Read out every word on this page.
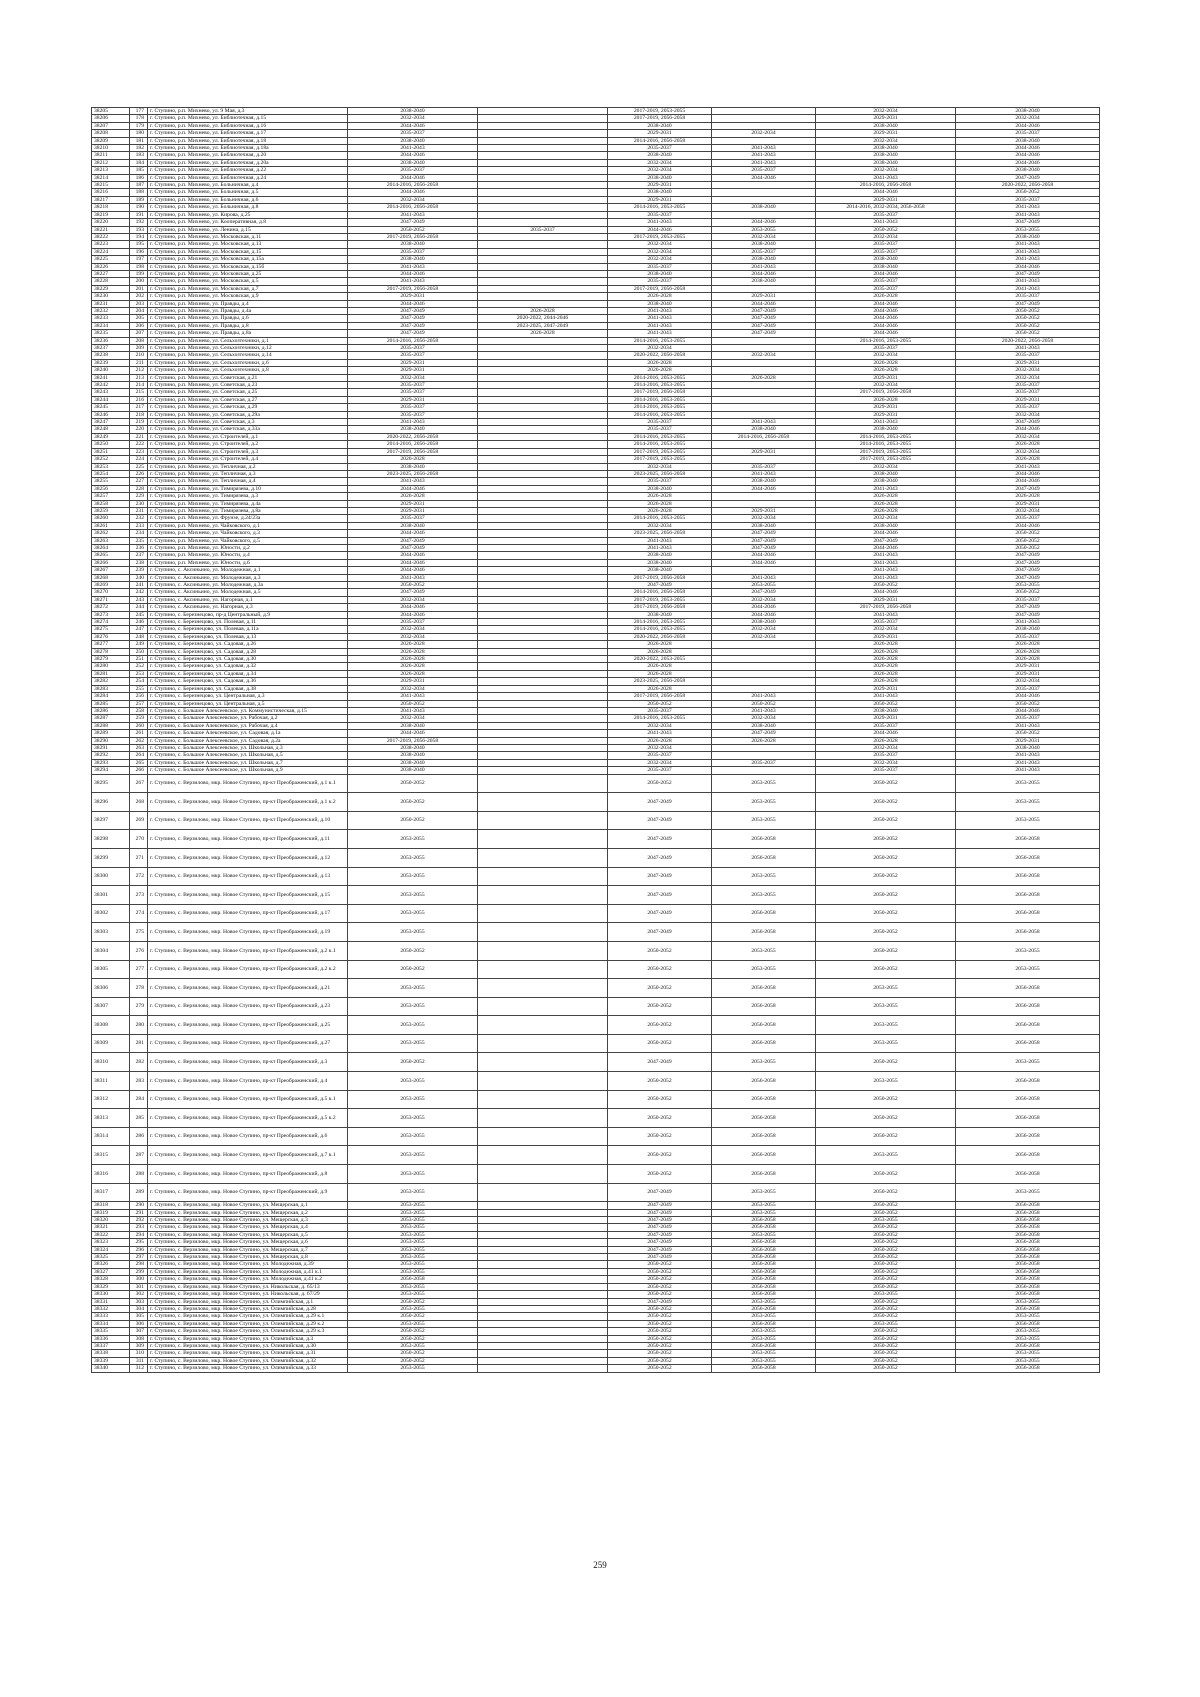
38205	177	г. Ступино, р.п. Михнево, ул. 9 Мая, д.3	2038-2040		2017-2019, 2053-2055		2032-2034	2038-2040
38206	178	г. Ступино, р.п. Михнево, ул. Библиотечная, д.15	2032-2034		2017-2019, 2056-2058		2029-2031	2032-2034
38207	179	г. Ступино, р.п. Михнево, ул. Библиотечная, д.16	2044-2046		2038-2040		2038-2040	2044-2046
38208	180	г. Ступино, р.п. Михнево, ул. Библиотечная, д.17	2035-2037		2029-2031	2032-2034	2029-2031	2035-2037
38209	181	г. Ступино, р.п. Михнево, ул. Библиотечная, д.18	2038-2040		2014-2016, 2056-2058		2032-2034	2038-2040
38210	182	г. Ступино, р.п. Михнево, ул. Библиотечная, д.18а	2041-2043		2035-2037	2041-2043	2038-2040	2044-2046
38211	183	г. Ступино, р.п. Михнево, ул. Библиотечная, д.20	2044-2046		2038-2040	2041-2043	2038-2040	2044-2046
38212	184	г. Ступино, р.п. Михнево, ул. Библиотечная, д.20а	2038-2040		2032-2034	2041-2043	2038-2040	2044-2046
38213	185	г. Ступино, р.п. Михнево, ул. Библиотечная, д.22	2035-2037		2032-2034	2035-2037	2032-2034	2038-2040
38214	186	г. Ступино, р.п. Михнево, ул. Библиотечная, д.24	2044-2046		2038-2040	2044-2046	2041-2043	2047-2049
38215	187	г. Ступино, р.п. Михнево, ул. Больничная, д.4	2014-2016, 2056-2058		2029-2031		2014-2016, 2056-2058	2020-2022, 2056-2058
38216	188	г. Ступино, р.п. Михнево, ул. Больничная, д.5	2044-2046		2038-2040		2044-2046	2050-2052
38217	189	г. Ступино, р.п. Михнево, ул. Больничная, д.6	2032-2034		2029-2031		2029-2031	2035-2037
38218	190	г. Ступино, р.п. Михнево, ул. Больничная, д.8	2014-2016, 2056-2058		2014-2016, 2053-2055	2038-2040	2014-2016, 2032-2034, 2056-2058	2041-2043
38219	191	г. Ступино, р.п. Михнево, ул. Кирова, д.25	2041-2043		2035-2037		2035-2037	2041-2043
38220	192	г. Ступино, р.п. Михнево, ул. Кооперативная, д.8	2047-2049		2041-2043	2044-2046	2041-2043	2047-2049
38221	193	г. Ступино, р.п. Михнево, ул. Ленина, д.15	2050-2052	2035-2037	2044-2046	2053-2055	2050-2052	2053-2055
38222	194	г. Ступино, р.п. Михнево, ул. Московская, д.11	2017-2019, 2056-2058		2017-2019, 2053-2055	2032-2034	2032-2034	2038-2040
38223	195	г. Ступино, р.п. Михнево, ул. Московская, д.13	2038-2040		2032-2034	2038-2040	2035-2037	2041-2043
38224	196	г. Ступино, р.п. Михнево, ул. Московская, д.15	2035-2037		2032-2034	2035-2037	2035-2037	2041-2043
38225	197	г. Ступино, р.п. Михнево, ул. Московская, д.15а	2038-2040		2032-2034	2038-2040	2038-2040	2041-2043
38226	198	г. Ступино, р.п. Михнево, ул. Московская, д.15б	2041-2043		2035-2037	2041-2043	2038-2040	2044-2046
38227	199	г. Ступино, р.п. Михнево, ул. Московская, д.25	2044-2046		2038-2040	2044-2046	2044-2046	2047-2049
38228	200	г. Ступино, р.п. Михнево, ул. Московская, д.5	2041-2043		2035-2037	2038-2040	2035-2037	2041-2043
38229	201	г. Ступино, р.п. Михнево, ул. Московская, д.7	2017-2019, 2056-2058		2017-2019, 2056-2058		2035-2037	2041-2043
38230	202	г. Ступино, р.п. Михнево, ул. Московская, д.9	2029-2031		2026-2028	2029-2031	2026-2028	2035-2037
38231	203	г. Ступино, р.п. Михнево, ул. Правды, д.4	2044-2046		2038-2040	2044-2046	2044-2046	2047-2049
38232	204	г. Ступино, р.п. Михнево, ул. Правды, д.4а	2047-2049	2026-2028	2041-2043	2047-2049	2044-2046	2050-2052
38233	205	г. Ступино, р.п. Михнево, ул. Правды, д.6	2047-2049	2020-2022, 2044-2046	2041-2043	2047-2049	2044-2046	2050-2052
38234	206	г. Ступино, р.п. Михнево, ул. Правды, д.8	2047-2049	2023-2025, 2047-2049	2041-2043	2047-2049	2044-2046	2050-2052
38235	207	г. Ступино, р.п. Михнево, ул. Правды, д.8а	2047-2049	2026-2028	2041-2043	2047-2049	2044-2046	2050-2052
38236	208	г. Ступино, р.п. Михнево, ул. Сельхозтехники, д.1	2014-2016, 2056-2058		2014-2016, 2053-2055		2014-2016, 2053-2055	2020-2022, 2056-2058
38237	209	г. Ступино, р.п. Михнево, ул. Сельхозтехники, д.12	2035-2037		2032-2034		2035-2037	2041-2043
38238	210	г. Ступино, р.п. Михнево, ул. Сельхозтехники, д.14	2035-2037		2020-2022, 2056-2058	2032-2034	2032-2034	2035-2037
38239	211	г. Ступино, р.п. Михнево, ул. Сельхозтехники, д.6	2029-2031		2026-2028		2026-2028	2029-2031
38240	212	г. Ступино, р.п. Михнево, ул. Сельхозтехники, д.8	2029-2031		2026-2028		2026-2028	2032-2034
38241	213	г. Ступино, р.п. Михнево, ул. Советская, д.21	2032-2034		2014-2016, 2053-2055	2026-2028	2029-2031	2032-2034
38242	214	г. Ступино, р.п. Михнево, ул. Советская, д.23	2035-2037		2014-2016, 2053-2055		2032-2034	2035-2037
38243	215	г. Ступино, р.п. Михнево, ул. Советская, д.25	2035-2037		2017-2019, 2056-2058		2017-2019, 2056-2058	2035-2037
38244	216	г. Ступино, р.п. Михнево, ул. Советская, д.27	2029-2031		2014-2016, 2053-2055		2026-2028	2029-2031
38245	217	г. Ступино, р.п. Михнево, ул. Советская, д.29	2035-2037		2014-2016, 2053-2055		2029-2031	2035-2037
38246	218	г. Ступино, р.п. Михнево, ул. Советская, д.29а	2035-2037		2014-2016, 2053-2055		2029-2031	2032-2034
38247	219	г. Ступино, р.п. Михнево, ул. Советская, д.3	2041-2043		2035-2037	2041-2043	2041-2043	2047-2049
38248	220	г. Ступино, р.п. Михнево, ул. Советская, д.33а	2038-2040		2035-2037	2038-2040	2038-2040	2044-2046
38249	221	г. Ступино, р.п. Михнево, ул. Строителей, д.1	2020-2022, 2056-2058		2014-2016, 2053-2055	2014-2016, 2056-2058	2014-2016, 2053-2055	2032-2034
38250	222	г. Ступино, р.п. Михнево, ул. Строителей, д.2	2014-2016, 2056-2058		2014-2016, 2053-2055		2014-2016, 2053-2055	2026-2028
38251	223	г. Ступино, р.п. Михнево, ул. Строителей, д.3	2017-2019, 2056-2058		2017-2019, 2053-2055	2029-2031	2017-2019, 2053-2055	2032-2034
38252	224	г. Ступино, р.п. Михнево, ул. Строителей, д.4	2026-2028		2017-2019, 2053-2055		2017-2019, 2053-2055	2026-2028
38253	225	г. Ступино, р.п. Михнево, ул. Тепличная, д.2	2038-2040		2032-2034	2035-2037	2032-2034	2041-2043
38254	226	г. Ступино, р.п. Михнево, ул. Тепличная, д.3	2023-2025, 2056-2058		2023-2025, 2056-2058	2041-2043	2038-2040	2044-2046
38255	227	г. Ступино, р.п. Михнево, ул. Тепличная, д.4	2041-2043		2035-2037	2038-2040	2038-2040	2044-2046
38256	228	г. Ступино, р.п. Михнево, ул. Тимирязева, д.10	2044-2046		2038-2040	2044-2046	2041-2043	2047-2049
38257	229	г. Ступино, р.п. Михнево, ул. Тимирязева, д.3	2026-2028		2026-2028		2026-2028	2026-2028
38258	230	г. Ступино, р.п. Михнево, ул. Тимирязева, д.4а	2029-2031		2026-2028		2026-2028	2029-2031
38259	231	г. Ступино, р.п. Михнево, ул. Тимирязева, д.8а	2029-2031		2026-2028	2029-2031	2026-2028	2032-2034
38260	232	г. Ступино, р.п. Михнево, ул. Фрунзе, д.24/23а	2035-2037		2014-2016, 2053-2055	2032-2034	2032-2034	2035-2037
38261	233	г. Ступино, р.п. Михнево, ул. Чайковского, д.1	2038-2040		2032-2034	2038-2040	2038-2040	2044-2046
38262	234	г. Ступино, р.п. Михнево, ул. Чайковского, д.3	2044-2046		2023-2025, 2056-2058	2047-2049	2044-2046	2050-2052
38263	235	г. Ступино, р.п. Михнево, ул. Чайковского, д.5	2047-2049		2041-2043	2047-2049	2047-2049	2050-2052
38264	236	г. Ступино, р.п. Михнево, ул. Юности, д.2	2047-2049		2041-2043	2047-2049	2044-2046	2050-2052
38265	237	г. Ступино, р.п. Михнево, ул. Юности, д.4	2044-2046		2038-2040	2044-2046	2041-2043	2047-2049
38266	238	г. Ступино, р.п. Михнево, ул. Юности, д.6	2044-2046		2038-2040	2044-2046	2041-2043	2047-2049
38267	239	г. Ступино, с. Аксиньино, ул. Молодежная, д.1	2044-2046		2038-2040		2041-2043	2047-2049
38268	240	г. Ступино, с. Аксиньино, ул. Молодежная, д.3	2041-2043		2017-2019, 2056-2058	2041-2043	2041-2043	2047-2049
38269	241	г. Ступино, с. Аксиньино, ул. Молодежная, д.3а	2050-2052		2047-2049	2053-2055	2050-2052	2053-2055
38270	242	г. Ступино, с. Аксиньино, ул. Молодежная, д.5	2047-2049		2014-2016, 2056-2058	2047-2049	2044-2046	2050-2052
38271	243	г. Ступино, с. Аксиньино, ул. Нагорная, д.1	2032-2034		2017-2019, 2053-2055	2032-2034	2029-2031	2035-2037
38272	244	г. Ступино, с. Аксиньино, ул. Нагорная, д.3	2044-2046		2017-2019, 2056-2058	2044-2046	2017-2019, 2056-2058	2047-2049
38273	245	г. Ступино, с. Березнецово, пр-д Центральный, д.9	2044-2046		2038-2040	2044-2046	2041-2043	2047-2049
38274	246	г. Ступино, с. Березнецово, ул. Полевая, д.11	2035-2037		2014-2016, 2053-2055	2038-2040	2035-2037	2041-2043
38275	247	г. Ступино, с. Березнецово, ул. Полевая, д.11а	2032-2034		2014-2016, 2053-2055	2032-2034	2032-2034	2038-2040
38276	248	г. Ступино, с. Березнецово, ул. Полевая, д.13	2032-2034		2020-2022, 2056-2058	2032-2034	2029-2031	2035-2037
38277	249	г. Ступино, с. Березнецово, ул. Садовая, д.26	2026-2028		2026-2028		2026-2028	2026-2028
38278	250	г. Ступино, с. Березнецово, ул. Садовая, д.28	2026-2028		2026-2028		2026-2028	2026-2028
38279	251	г. Ступино, с. Березнецово, ул. Садовая, д.30	2026-2028		2020-2022, 2053-2055		2026-2028	2026-2028
38280	252	г. Ступино, с. Березнецово, ул. Садовая, д.32	2026-2028		2026-2028		2026-2028	2029-2031
38281	253	г. Ступино, с. Березнецово, ул. Садовая, д.34	2026-2028		2026-2028		2026-2028	2029-2031
38282	254	г. Ступино, с. Березнецово, ул. Садовая, д.36	2029-2031		2023-2025, 2056-2058		2026-2028	2032-2034
38283	255	г. Ступино, с. Березнецово, ул. Садовая, д.38	2032-2034		2026-2028		2029-2031	2035-2037
38284	256	г. Ступино, с. Березнецово, ул. Центральная, д.3	2041-2043		2017-2019, 2056-2058	2041-2043	2041-2043	2044-2046
38285	257	г. Ступино, с. Березнецово, ул. Центральная, д.5	2050-2052		2050-2052	2050-2052	2050-2052	2050-2052
38286	258	г. Ступино, с. Большое Алексеевское, ул. Коммунистическая, д.15	2041-2043		2035-2037	2041-2043	2038-2040	2044-2046
38287	259	г. Ступино, с. Большое Алексеевское, ул. Рабочая, д.2	2032-2034		2014-2016, 2053-2055	2032-2034	2029-2031	2035-2037
38288	260	г. Ступино, с. Большое Алексеевское, ул. Рабочая, д.4	2038-2040		2032-2034	2038-2040	2035-2037	2041-2043
38289	261	г. Ступино, с. Большое Алексеевское, ул. Садовая, д.1а	2044-2046		2041-2043	2047-2049	2044-2046	2050-2052
38290	262	г. Ступино, с. Большое Алексеевское, ул. Садовая, д.2а	2017-2019, 2056-2058		2026-2028	2026-2028	2026-2028	2029-2031
38291	263	г. Ступино, с. Большое Алексеевское, ул. Школьная, д.3	2038-2040		2032-2034		2032-2034	2038-2040
38292	264	г. Ступино, с. Большое Алексеевское, ул. Школьная, д.5	2038-2040		2035-2037		2035-2037	2041-2043
38293	265	г. Ступино, с. Большое Алексеевское, ул. Школьная, д.7	2038-2040		2032-2034	2035-2037	2032-2034	2041-2043
38294	266	г. Ступино, с. Большое Алексеевское, ул. Школьная, д.9	2038-2040		2035-2037		2035-2037	2041-2043
38295	267	г. Ступино, с. Верзилово, мкр. Новое Ступино, пр-кт Преображенский, д.1 к.1	2050-2052		2050-2052	2053-2055	2050-2052	2053-2055
38296	268	г. Ступино, с. Верзилово, мкр. Новое Ступино, пр-кт Преображенский, д.1 к.2	2050-2052		2047-2049	2053-2055	2050-2052	2053-2055
38297	269	г. Ступино, с. Верзилово, мкр. Новое Ступино, пр-кт Преображенский, д.10	2050-2052		2047-2049	2053-2055	2050-2052	2053-2055
38298	270	г. Ступино, с. Верзилово, мкр. Новое Ступино, пр-кт Преображенский, д.11	2053-2055		2047-2049	2056-2058	2050-2052	2056-2058
38299	271	г. Ступино, с. Верзилово, мкр. Новое Ступино, пр-кт Преображенский, д.12	2053-2055		2047-2049	2056-2058	2050-2052	2056-2058
38300	272	г. Ступино, с. Верзилово, мкр. Новое Ступино, пр-кт Преображенский, д.13	2053-2055		2047-2049	2053-2055	2050-2052	2056-2058
38301	273	г. Ступино, с. Верзилово, мкр. Новое Ступино, пр-кт Преображенский, д.15	2053-2055		2047-2049	2053-2055	2050-2052	2056-2058
38302	274	г. Ступино, с. Верзилово, мкр. Новое Ступино, пр-кт Преображенский, д.17	2053-2055		2047-2049	2056-2058	2050-2052	2056-2058
38303	275	г. Ступино, с. Верзилово, мкр. Новое Ступино, пр-кт Преображенский, д.19	2053-2055		2047-2049	2056-2058	2050-2052	2056-2058
38304	276	г. Ступино, с. Верзилово, мкр. Новое Ступино, пр-кт Преображенский, д.2 к.1	2050-2052		2050-2052	2053-2055	2050-2052	2053-2055
38305	277	г. Ступино, с. Верзилово, мкр. Новое Ступино, пр-кт Преображенский, д.2 к.2	2050-2052		2050-2052	2053-2055	2050-2052	2053-2055
38306	278	г. Ступино, с. Верзилово, мкр. Новое Ступино, пр-кт Преображенский, д.21	2053-2055		2050-2052	2056-2058	2053-2055	2056-2058
38307	279	г. Ступино, с. Верзилово, мкр. Новое Ступино, пр-кт Преображенский, д.23	2053-2055		2050-2052	2056-2058	2053-2055	2056-2058
38308	280	г. Ступино, с. Верзилово, мкр. Новое Ступино, пр-кт Преображенский, д.25	2053-2055		2050-2052	2056-2058	2053-2055	2056-2058
38309	281	г. Ступино, с. Верзилово, мкр. Новое Ступино, пр-кт Преображенский, д.27	2053-2055		2050-2052	2056-2058	2053-2055	2056-2058
38310	282	г. Ступино, с. Верзилово, мкр. Новое Ступино, пр-кт Преображенский, д.3	2050-2052		2047-2049	2053-2055	2050-2052	2053-2055
38311	283	г. Ступино, с. Верзилово, мкр. Новое Ступино, пр-кт Преображенский, д.4	2053-2055		2050-2052	2056-2058	2053-2055	2056-2058
38312	284	г. Ступино, с. Верзилово, мкр. Новое Ступино, пр-кт Преображенский, д.5 к.1	2053-2055		2050-2052	2056-2058	2050-2052	2056-2058
38313	285	г. Ступино, с. Верзилово, мкр. Новое Ступино, пр-кт Преображенский, д.5 к.2	2053-2055		2050-2052	2056-2058	2050-2052	2056-2058
38314	286	г. Ступино, с. Верзилово, мкр. Новое Ступино, пр-кт Преображенский, д.6	2053-2055		2050-2052	2056-2058	2050-2052	2056-2058
38315	287	г. Ступино, с. Верзилово, мкр. Новое Ступино, пр-кт Преображенский, д.7 к.1	2053-2055		2050-2052	2056-2058	2053-2055	2056-2058
38316	288	г. Ступино, с. Верзилово, мкр. Новое Ступино, пр-кт Преображенский, д.8	2053-2055		2050-2052	2056-2058	2050-2052	2056-2058
38317	289	г. Ступино, с. Верзилово, мкр. Новое Ступино, пр-кт Преображенский, д.9	2053-2055		2047-2049	2053-2055	2050-2052	2053-2055
38318	290	г. Ступино, с. Верзилово, мкр. Новое Ступино, ул. Мещерская, д.1	2053-2055		2047-2049	2053-2055	2050-2052	2056-2058
38319	291	г. Ступино, с. Верзилово, мкр. Новое Ступино, ул. Мещерская, д.2	2053-2055		2047-2049	2053-2055	2050-2052	2056-2058
38320	292	г. Ступино, с. Верзилово, мкр. Новое Ступино, ул. Мещерская, д.3	2053-2055		2047-2049	2056-2058	2053-2055	2056-2058
38321	293	г. Ступино, с. Верзилово, мкр. Новое Ступино, ул. Мещерская, д.4	2053-2055		2047-2049	2056-2058	2050-2052	2056-2058
38322	294	г. Ступино, с. Верзилово, мкр. Новое Ступино, ул. Мещерская, д.5	2053-2055		2047-2049	2053-2055	2050-2052	2056-2058
38323	295	г. Ступино, с. Верзилово, мкр. Новое Ступино, ул. Мещерская, д.6	2053-2055		2047-2049	2056-2058	2050-2052	2056-2058
38324	296	г. Ступино, с. Верзилово, мкр. Новое Ступино, ул. Мещерская, д.7	2053-2055		2047-2049	2056-2058	2050-2052	2056-2058
38325	297	г. Ступино, с. Верзилово, мкр. Новое Ступино, ул. Мещерская, д.8	2053-2055		2047-2049	2056-2058	2050-2052	2056-2058
38326	298	г. Ступино, с. Верзилово, мкр. Новое Ступино, ул. Молодежная, д.39	2053-2055		2050-2052	2056-2058	2050-2052	2056-2058
38327	299	г. Ступино, с. Верзилово, мкр. Новое Ступино, ул. Молодежная, д.41 к.1	2053-2055		2050-2052	2056-2058	2050-2052	2056-2058
38328	300	г. Ступино, с. Верзилово, мкр. Новое Ступино, ул. Молодежная, д.41 к.2	2056-2058		2050-2052	2056-2058	2050-2052	2056-2058
38329	301	г. Ступино, с. Верзилово, мкр. Новое Ступино, ул. Никольская, д. 65/13	2053-2055		2050-2052	2056-2058	2050-2052	2056-2058
38330	302	г. Ступино, с. Верзилово, мкр. Новое Ступино, ул. Никольская, д. 67/29	2053-2055		2050-2052	2056-2058	2053-2055	2056-2058
38331	303	г. Ступино, с. Верзилово, мкр. Новое Ступино, ул. Олимпийская, д.1	2050-2052		2047-2049	2053-2055	2050-2052	2053-2055
38332	304	г. Ступино, с. Верзилово, мкр. Новое Ступино, ул. Олимпийская, д.28	2053-2055		2050-2052	2056-2058	2050-2052	2056-2058
38333	305	г. Ступино, с. Верзилово, мкр. Новое Ступино, ул. Олимпийская, д.29 к.1	2050-2052		2050-2052	2053-2055	2050-2052	2053-2055
38334	306	г. Ступино, с. Верзилово, мкр. Новое Ступино, ул. Олимпийская, д.29 к.2	2053-2055		2050-2052	2056-2058	2053-2055	2056-2058
38335	307	г. Ступино, с. Верзилово, мкр. Новое Ступино, ул. Олимпийская, д.29 к.3	2050-2052		2050-2052	2053-2055	2050-2052	2053-2055
38336	308	г. Ступино, с. Верзилово, мкр. Новое Ступино, ул. Олимпийская, д.3	2050-2052		2050-2052	2053-2055	2050-2052	2053-2055
38337	309	г. Ступино, с. Верзилово, мкр. Новое Ступино, ул. Олимпийская, д.30	2053-2055		2050-2052	2056-2058	2050-2052	2056-2058
38338	310	г. Ступино, с. Верзилово, мкр. Новое Ступино, ул. Олимпийская, д.31	2050-2052		2050-2052	2053-2055	2050-2052	2053-2055
38339	311	г. Ступино, с. Верзилово, мкр. Новое Ступино, ул. Олимпийская, д.32	2050-2052		2050-2052	2053-2055	2050-2052	2053-2055
38340	312	г. Ступино, с. Верзилово, мкр. Новое Ступино, ул. Олимпийская, д.33	2053-2055		2050-2052	2056-2058	2050-2052	2056-2058
259
